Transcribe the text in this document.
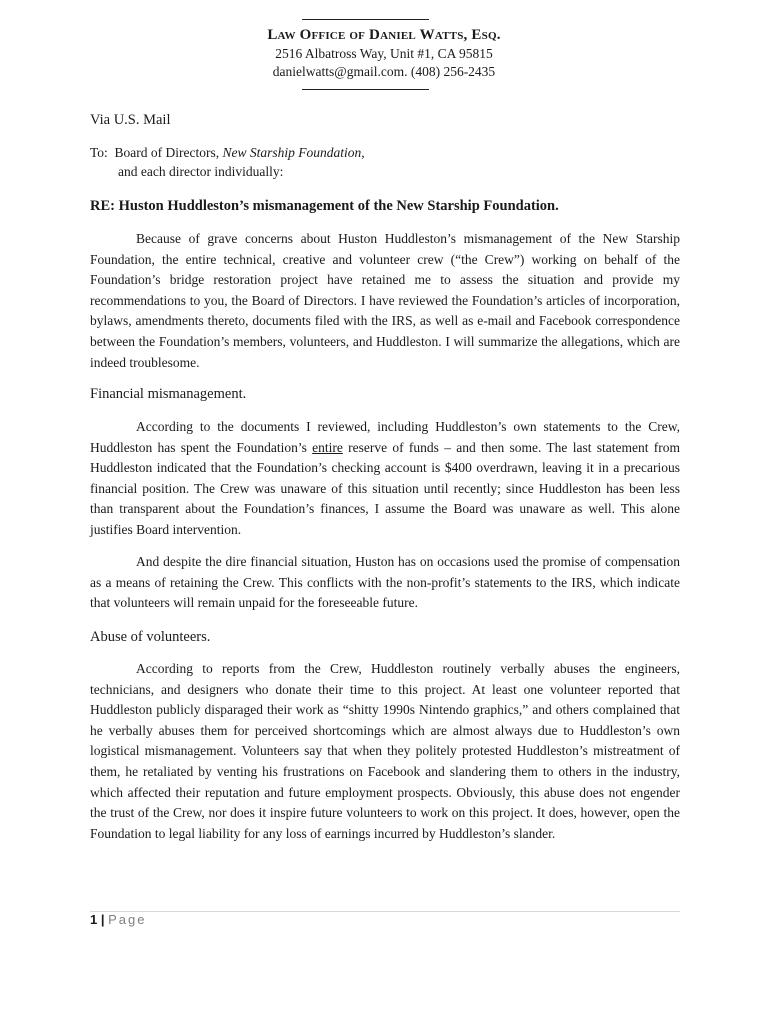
Law Office of Daniel Watts, Esq.
2516 Albatross Way, Unit #1, CA 95815
danielwatts@gmail.com. (408) 256-2435
Via U.S. Mail
To:  Board of Directors, New Starship Foundation,
and each director individually:
RE: Huston Huddleston’s mismanagement of the New Starship Foundation.

Because of grave concerns about Huston Huddleston’s mismanagement of the New Starship Foundation, the entire technical, creative and volunteer crew (“the Crew”) working on behalf of the Foundation’s bridge restoration project have retained me to assess the situation and provide my recommendations to you, the Board of Directors. I have reviewed the Foundation’s articles of incorporation, bylaws, amendments thereto, documents filed with the IRS, as well as e-mail and Facebook correspondence between the Foundation’s members, volunteers, and Huddleston. I will summarize the allegations, which are indeed troublesome.

Financial mismanagement.

According to the documents I reviewed, including Huddleston’s own statements to the Crew, Huddleston has spent the Foundation’s entire reserve of funds – and then some. The last statement from Huddleston indicated that the Foundation’s checking account is $400 overdrawn, leaving it in a precarious financial position. The Crew was unaware of this situation until recently; since Huddleston has been less than transparent about the Foundation’s finances, I assume the Board was unaware as well. This alone justifies Board intervention.

And despite the dire financial situation, Huston has on occasions used the promise of compensation as a means of retaining the Crew. This conflicts with the non-profit’s statements to the IRS, which indicate that volunteers will remain unpaid for the foreseeable future.

Abuse of volunteers.

According to reports from the Crew, Huddleston routinely verbally abuses the engineers, technicians, and designers who donate their time to this project. At least one volunteer reported that Huddleston publicly disparaged their work as “shitty 1990s Nintendo graphics,” and others complained that he verbally abuses them for perceived shortcomings which are almost always due to Huddleston’s own logistical mismanagement. Volunteers say that when they politely protested Huddleston’s mistreatment of them, he retaliated by venting his frustrations on Facebook and slandering them to others in the industry, which affected their reputation and future employment prospects. Obviously, this abuse does not engender the trust of the Crew, nor does it inspire future volunteers to work on this project. It does, however, open the Foundation to legal liability for any loss of earnings incurred by Huddleston’s slander.

1 | Page
